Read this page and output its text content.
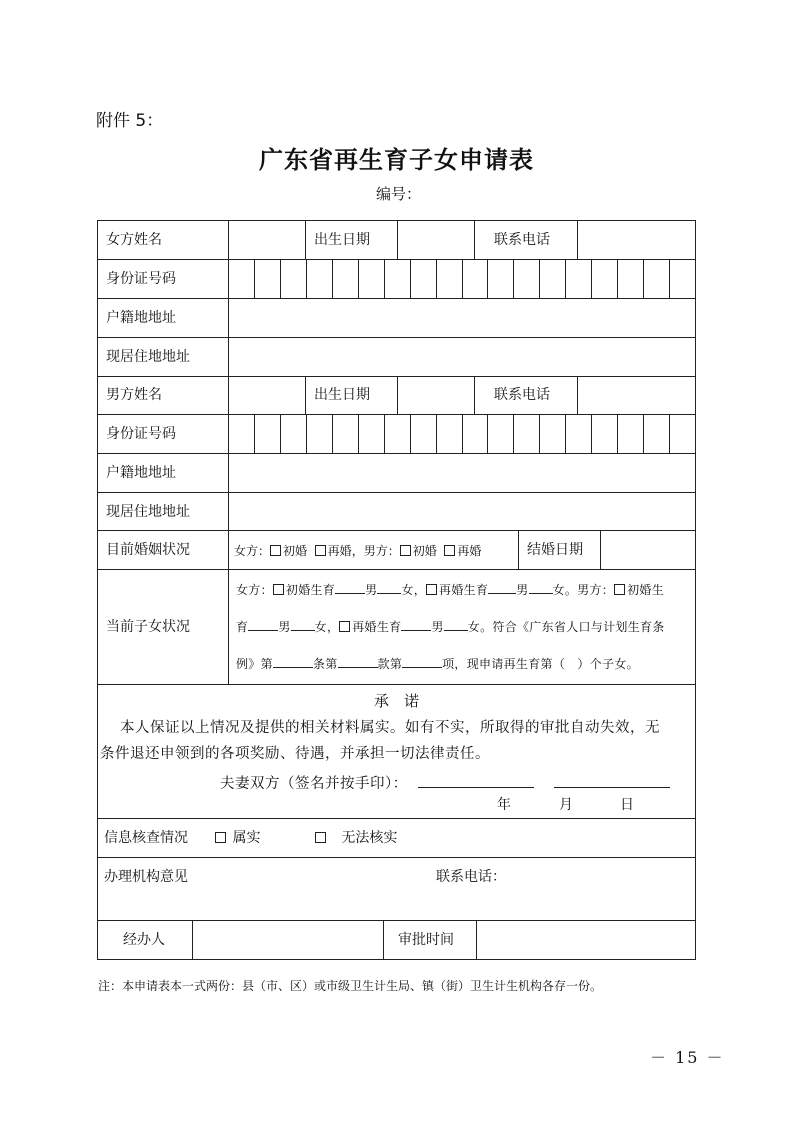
附件 5：
广东省再生育子女申请表
编号：
女方姓名	出生日期	联系电话
身份证号码
户籍地地址
现居住地地址
男方姓名	出生日期	联系电话
身份证号码
户籍地地址
现居住地地址
目前婚姻状况	女方： 初婚 再婚，男方： 初婚 再婚	结婚日期
当前子女状况
女方： 初婚生育	男 女， 再婚生育 男 女。男方： 初婚生
育	男 女， 再婚生育	男 女。符合《广东省人口与计划生育条
例》第	条第	款第	项，现申请再生育第（　）个子女。
承　诺
本人保证以上情况及提供的相关材料属实。如有不实，所取得的审批自动失效，无
条件退还申领到的各项奖励、待遇，并承担一切法律责任。
夫妻双方（签名并按手印）：
年	月	日
信息核查情况	属实	无法核实
办理机构意见	联系电话：
经办人	审批时间
注：本申请表本一式两份：县（市、区）或市级卫生计生局、镇（街）卫生计生机构各存一份。
－ 15 －
